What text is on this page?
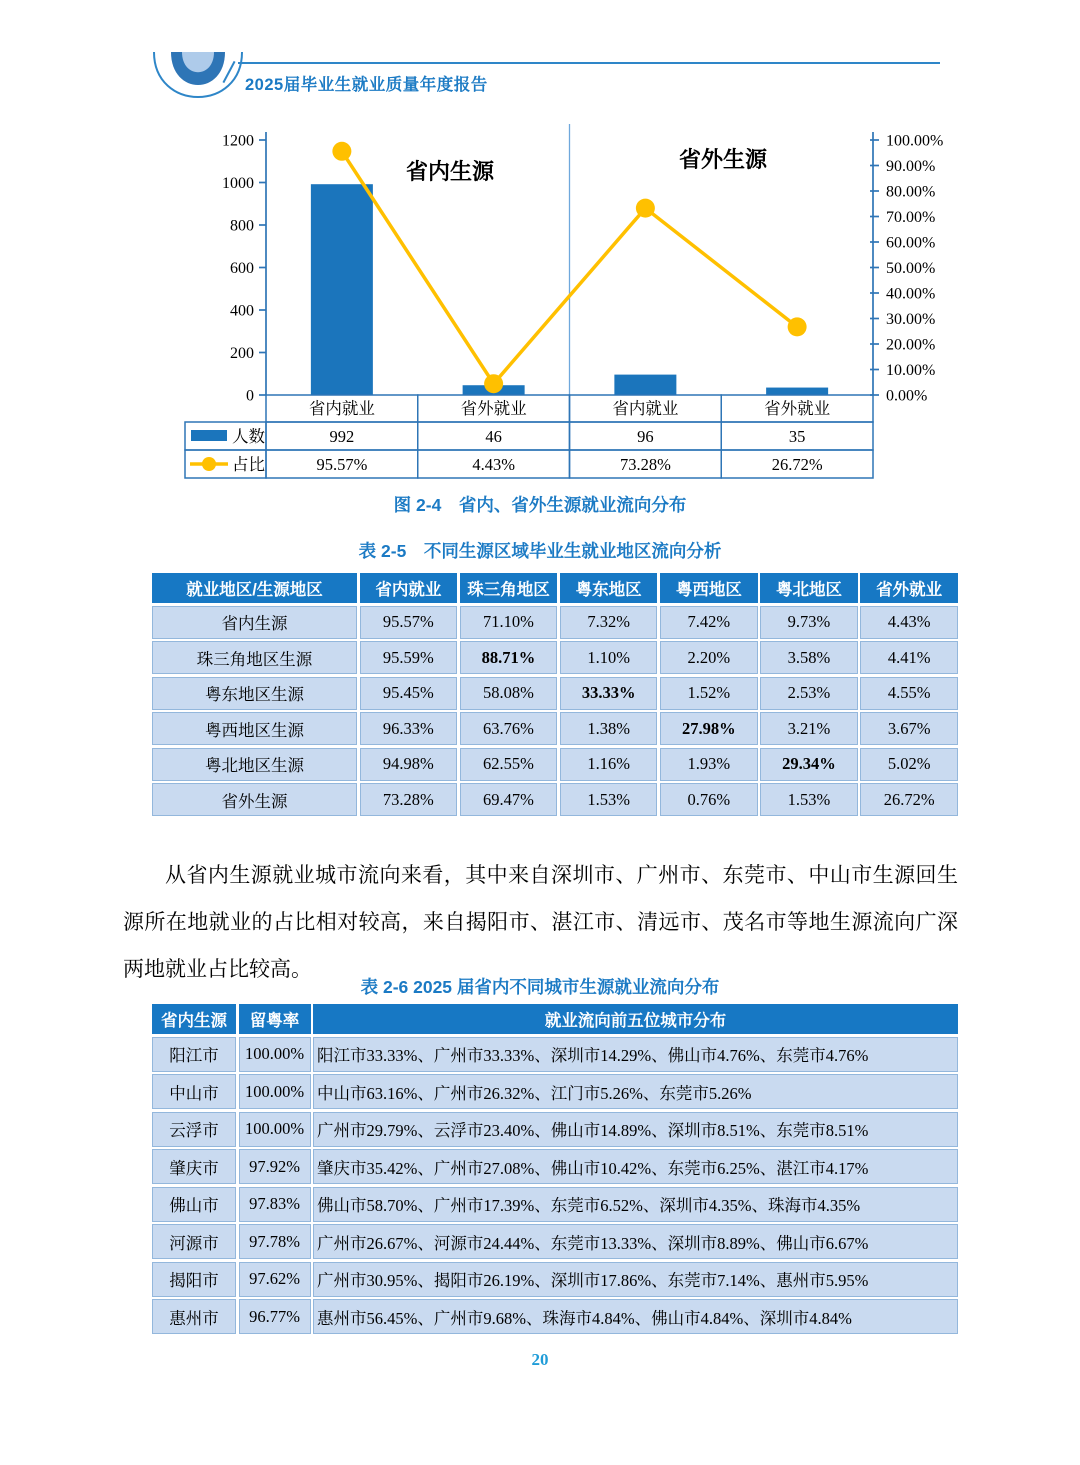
2025届毕业生就业质量年度报告
1200
1000
800
600
400
200
0
100.00%
90.00%
80.00%
70.00%
60.00%
50.00%
40.00%
30.00%
20.00%
10.00%
0.00%
省内就业	省外就业	省内就业	省外就业
992	46	96	35
95.57%	4.43%	73.28%	26.72%
人数
占比
省内生源	省外生源
图 2-4　省内、省外生源就业流向分布
表 2-5　不同生源区域毕业生就业地区流向分析
就业地区/生源地区	省内就业	珠三角地区	粤东地区	粤西地区	粤北地区	省外就业
省内生源	95.57%	71.10%	7.32%	7.42%	9.73%	4.43%
珠三角地区生源	95.59%	88.71%	1.10%	2.20%	3.58%	4.41%
粤东地区生源	95.45%	58.08%	33.33%	1.52%	2.53%	4.55%
粤西地区生源	96.33%	63.76%	1.38%	27.98%	3.21%	3.67%
粤北地区生源	94.98%	62.55%	1.16%	1.93%	29.34%	5.02%
省外生源	73.28%	69.47%	1.53%	0.76%	1.53%	26.72%

从省内生源就业城市流向来看，其中来自深圳市、广州市、东莞市、中山市生源回生源所在地就业的占比相对较高，来自揭阳市、湛江市、清远市、茂名市等地生源流向广深两地就业占比较高。

表 2-6 2025 届省内不同城市生源就业流向分布
省内生源	留粤率	就业流向前五位城市分布
阳江市	100.00% 阳江市33.33%、广州市33.33%、深圳市14.29%、佛山市4.76%、东莞市4.76%
中山市	100.00% 中山市63.16%、广州市26.32%、江门市5.26%、东莞市5.26%
云浮市	100.00% 广州市29.79%、云浮市23.40%、佛山市14.89%、深圳市8.51%、东莞市8.51%
肇庆市	97.92%	肇庆市35.42%、广州市27.08%、佛山市10.42%、东莞市6.25%、湛江市4.17%
佛山市	97.83%	佛山市58.70%、广州市17.39%、东莞市6.52%、深圳市4.35%、珠海市4.35%
河源市	97.78%	广州市26.67%、河源市24.44%、东莞市13.33%、深圳市8.89%、佛山市6.67%
揭阳市	97.62%	广州市30.95%、揭阳市26.19%、深圳市17.86%、东莞市7.14%、惠州市5.95%
惠州市	96.77%	惠州市56.45%、广州市9.68%、珠海市4.84%、佛山市4.84%、深圳市4.84%
20
